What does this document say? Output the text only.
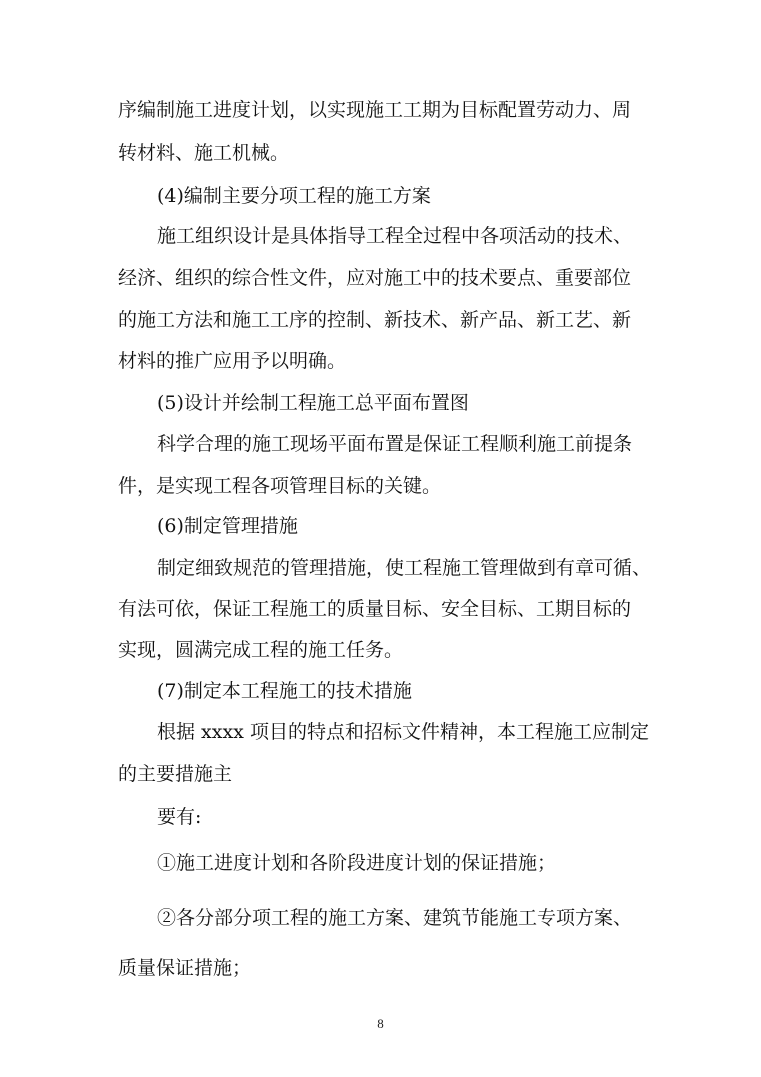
序编制施工进度计划，以实现施工工期为目标配置劳动力、周

转材料、施工机械。

(4)编制主要分项工程的施工方案

施工组织设计是具体指导工程全过程中各项活动的技术、

经济、组织的综合性文件，应对施工中的技术要点、重要部位

的施工方法和施工工序的控制、新技术、新产品、新工艺、新

材料的推广应用予以明确。

(5)设计并绘制工程施工总平面布置图

科学合理的施工现场平面布置是保证工程顺利施工前提条

件，是实现工程各项管理目标的关键。

(6)制定管理措施

制定细致规范的管理措施，使工程施工管理做到有章可循、

有法可依，保证工程施工的质量目标、安全目标、工期目标的

实现，圆满完成工程的施工任务。

(7)制定本工程施工的技术措施

根据 xxxx 项目的特点和招标文件精神，本工程施工应制定

的主要措施主

要有:

①施工进度计划和各阶段进度计划的保证措施；

②各分部分项工程的施工方案、建筑节能施工专项方案、

质量保证措施；

8
